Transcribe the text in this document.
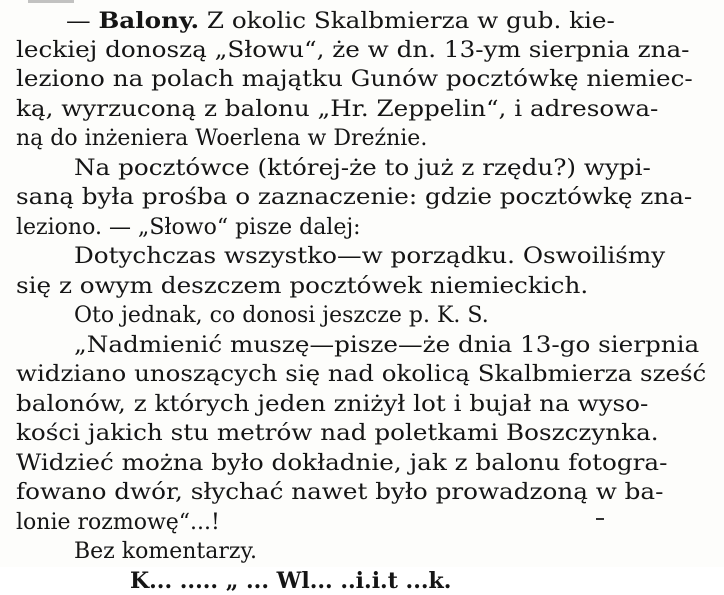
— Balony. Z okolic Skalbmierza w gub. kie-
leckiej donoszą „Słowu“, że w dn. 13-ym sierpnia zna-
leziono na polach majątku Gunów pocztówkę niemiec-
ką, wyrzuconą z balonu „Hr. Zeppelin“, i adresowa-
ną do inżeniera Woerlena w Dreźnie.
Na pocztówce (której-że to już z rzędu?) wypi-
saną była prośba o zaznaczenie: gdzie pocztówkę zna-
leziono. — „Słowo“ pisze dalej:
Dotychczas wszystko—w porządku. Oswoiliśmy
się z owym deszczem pocztówek niemieckich.
Oto jednak, co donosi jeszcze p. K. S.
„Nadmienić muszę—pisze—że dnia 13-go sierpnia
widziano unoszących się nad okolicą Skalbmierza sześć
balonów, z których jeden zniżył lot i bujał na wyso-
kości jakich stu metrów nad poletkami Boszczynka.
Widzieć można było dokładnie, jak z balonu fotogra-
fowano dwór, słychać nawet było prowadzoną w ba-
lonie rozmowę“...!
Bez komentarzy.
K... ..... „ ... Wl... ..i.i.t ...k.
